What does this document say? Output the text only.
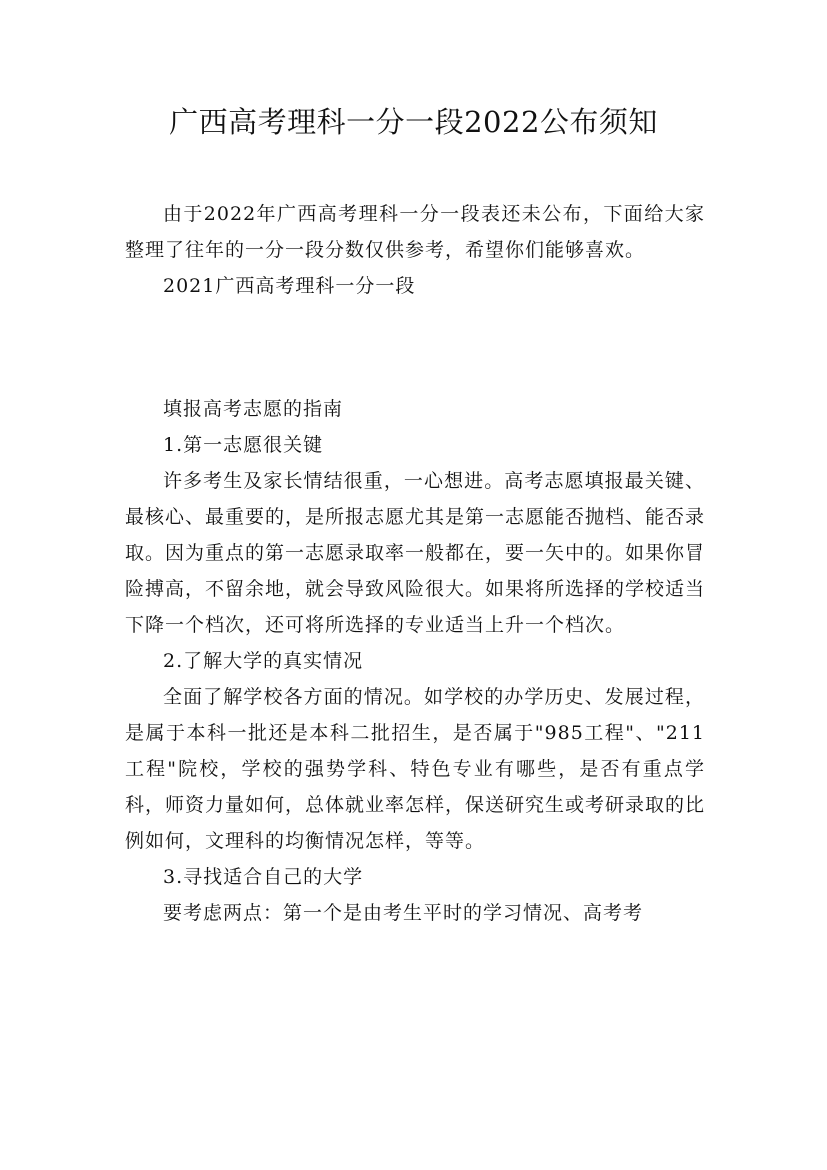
广西高考理科一分一段2022公布须知

由于2022年广西高考理科一分一段表还未公布，下面给大家整理了往年的一分一段分数仅供参考，希望你们能够喜欢。

2021广西高考理科一分一段

填报高考志愿的指南

1.第一志愿很关键

许多考生及家长情结很重，一心想进。高考志愿填报最关键、最核心、最重要的，是所报志愿尤其是第一志愿能否抛档、能否录取。因为重点的第一志愿录取率一般都在，要一矢中的。如果你冒险搏高，不留余地，就会导致风险很大。如果将所选择的学校适当下降一个档次，还可将所选择的专业适当上升一个档次。

2.了解大学的真实情况

全面了解学校各方面的情况。如学校的办学历史、发展过程，是属于本科一批还是本科二批招生，是否属于"985工程"、"211工程"院校，学校的强势学科、特色专业有哪些，是否有重点学科，师资力量如何，总体就业率怎样，保送研究生或考研录取的比例如何，文理科的均衡情况怎样，等等。

3.寻找适合自己的大学

要考虑两点：第一个是由考生平时的学习情况、高考考
